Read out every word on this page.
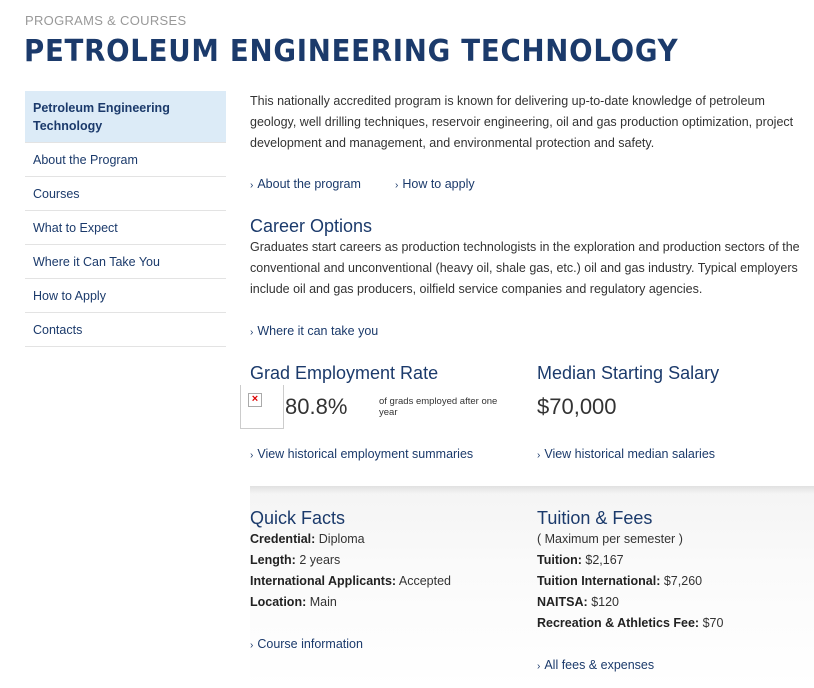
PROGRAMS & COURSES
PETROLEUM ENGINEERING TECHNOLOGY
Petroleum Engineering Technology
About the Program
Courses
What to Expect
Where it Can Take You
How to Apply
Contacts

This nationally accredited program is known for delivering up-to-date knowledge of petroleum geology, well drilling techniques, reservoir engineering, oil and gas production optimization, project development and management, and environmental protection and safety.

› About the program	› How to apply
Career Options

Graduates start careers as production technologists in the exploration and production sectors of the conventional and unconventional (heavy oil, shale gas, etc.) oil and gas industry. Typical employers include oil and gas producers, oilfield service companies and regulatory agencies.

› Where it can take you
Grad Employment Rate
× 80.8%	of grads employed after one year
› View historical employment summaries
Median Starting Salary
$70,000
› View historical median salaries
Quick Facts
Credential: Diploma
Length: 2 years
International Applicants: Accepted
Location: Main
› Course information
Tuition & Fees
( Maximum per semester )
Tuition: $2,167
Tuition International: $7,260
NAITSA: $120
Recreation & Athletics Fee: $70
› All fees & expenses
